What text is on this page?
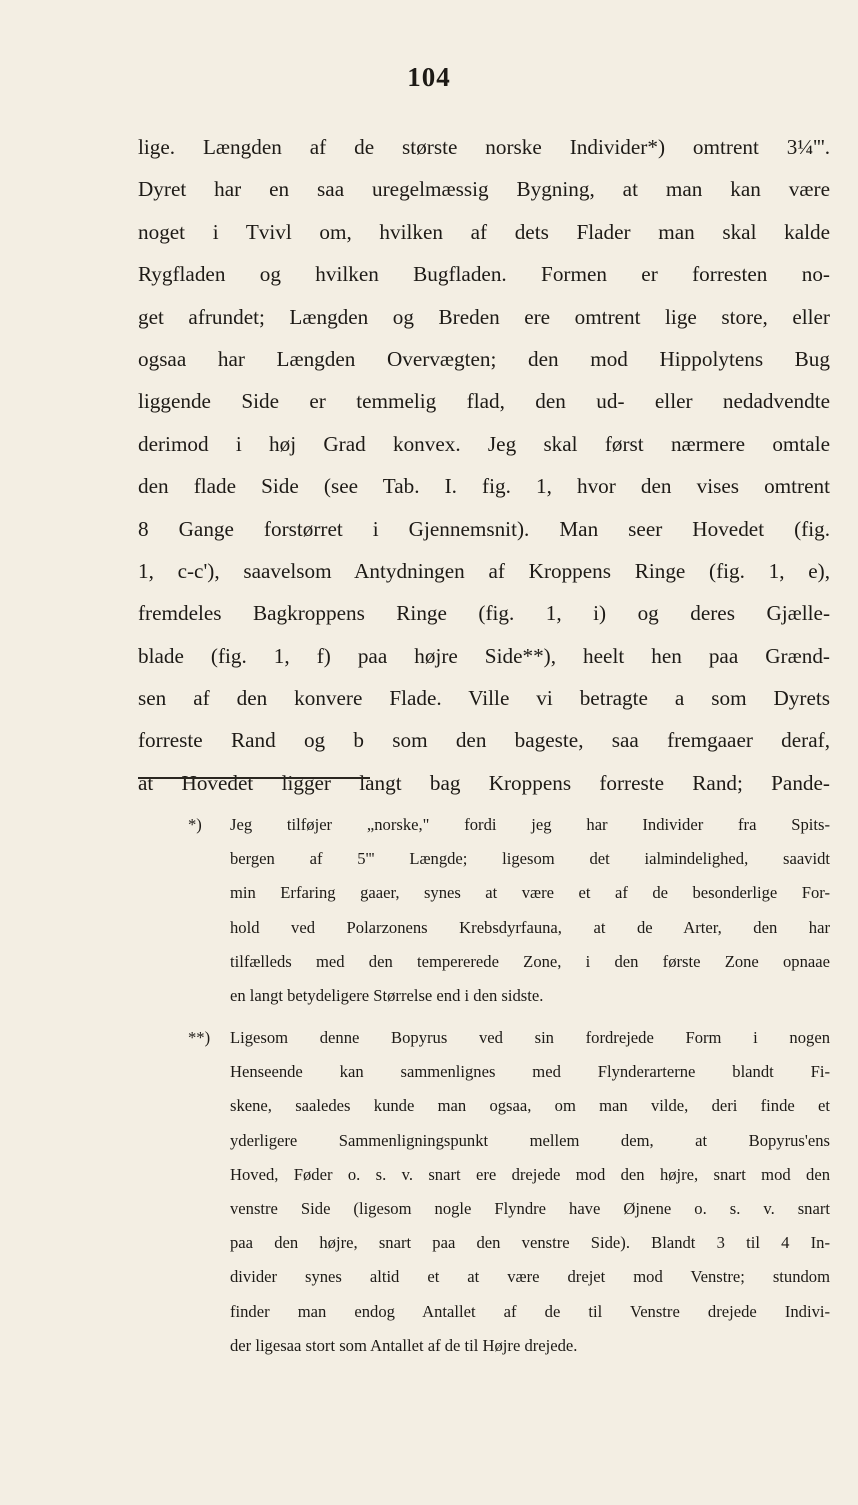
104
lige. Længden af de største norske Individer*) omtrent 3¼'''.
Dyret har en saa uregelmæssig Bygning, at man kan være
noget i Tvivl om, hvilken af dets Flader man skal kalde
Rygfladen og hvilken Bugfladen. Formen er forresten no-
get afrundet; Længden og Breden ere omtrent lige store, eller
ogsaa har Længden Overvægten; den mod Hippolytens Bug
liggende Side er temmelig flad, den ud- eller nedadvendte
derimod i høj Grad konvex. Jeg skal først nærmere omtale
den flade Side (see Tab. I. fig. 1, hvor den vises omtrent
8 Gange forstørret i Gjennemsnit). Man seer Hovedet (fig.
1, c-c'), saavelsom Antydningen af Kroppens Ringe (fig. 1, e),
fremdeles Bagkroppens Ringe (fig. 1, i) og deres Gjælle-
blade (fig. 1, f) paa højre Side**), heelt hen paa Grænd-
sen af den konvere Flade. Ville vi betragte a som Dyrets
forreste Rand og b som den bageste, saa fremgaaer deraf,
at Hovedet ligger langt bag Kroppens forreste Rand; Pande-
*) Jeg tilføjer „norske," fordi jeg har Individer fra Spits-
bergen af 5''' Længde; ligesom det ialmindelighed, saavidt
min Erfaring gaaer, synes at være et af de besonderlige For-
hold ved Polarzonens Krebsdyrfauna, at de Arter, den har
tilfælleds med den tempererede Zone, i den første Zone opnaae
en langt betydeligere Størrelse end i den sidste.
**) Ligesom denne Bopyrus ved sin fordrejede Form i nogen
Henseende kan sammenlignes med Flynderarterne blandt Fi-
skene, saaledes kunde man ogsaa, om man vilde, deri finde et
yderligere Sammenligningspunkt mellem dem, at Bopyrus'ens
Hoved, Føder o. s. v. snart ere drejede mod den højre, snart mod den
venstre Side (ligesom nogle Flyndre have Øjnene o. s. v. snart
paa den højre, snart paa den venstre Side). Blandt 3 til 4 In-
divider synes altid et at være drejet mod Venstre; stundom
finder man endog Antallet af de til Venstre drejede Indivi-
der ligesaa stort som Antallet af de til Højre drejede.
